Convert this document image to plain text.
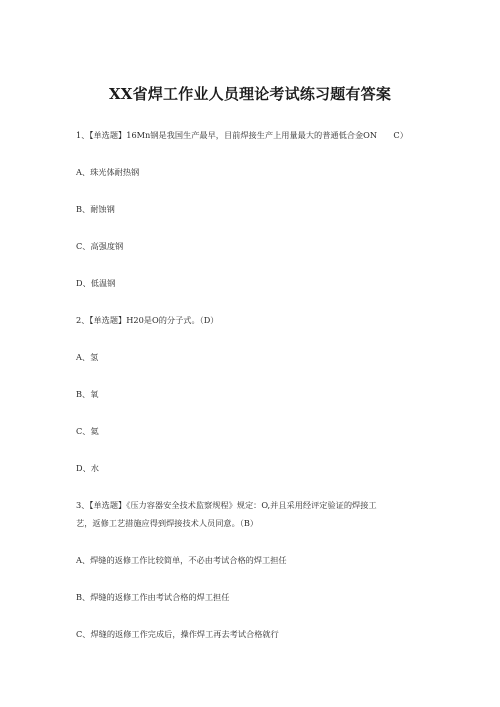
XX省焊工作业人员理论考试练习题有答案
1、【单选题】16Mn钢是我国生产最早，目前焊接生产上用量最大的普通低合金ON　　C）
A、珠光体耐热钢
B、耐蚀钢
C、高强度钢
D、低温钢
2、【单选题】H20是O的分子式。（D）
A、氢
B、氧
C、氦
D、水
3、【单选题】《压力容器安全技术监察规程》规定：O,并且采用经评定验证的焊接工
艺，返修工艺措施应得到焊接技术人员同意。（B）
A、焊缝的返修工作比较简单，不必由考试合格的焊工担任
B、焊缝的返修工作由考试合格的焊工担任
C、焊缝的返修工作完成后，操作焊工再去考试合格就行
